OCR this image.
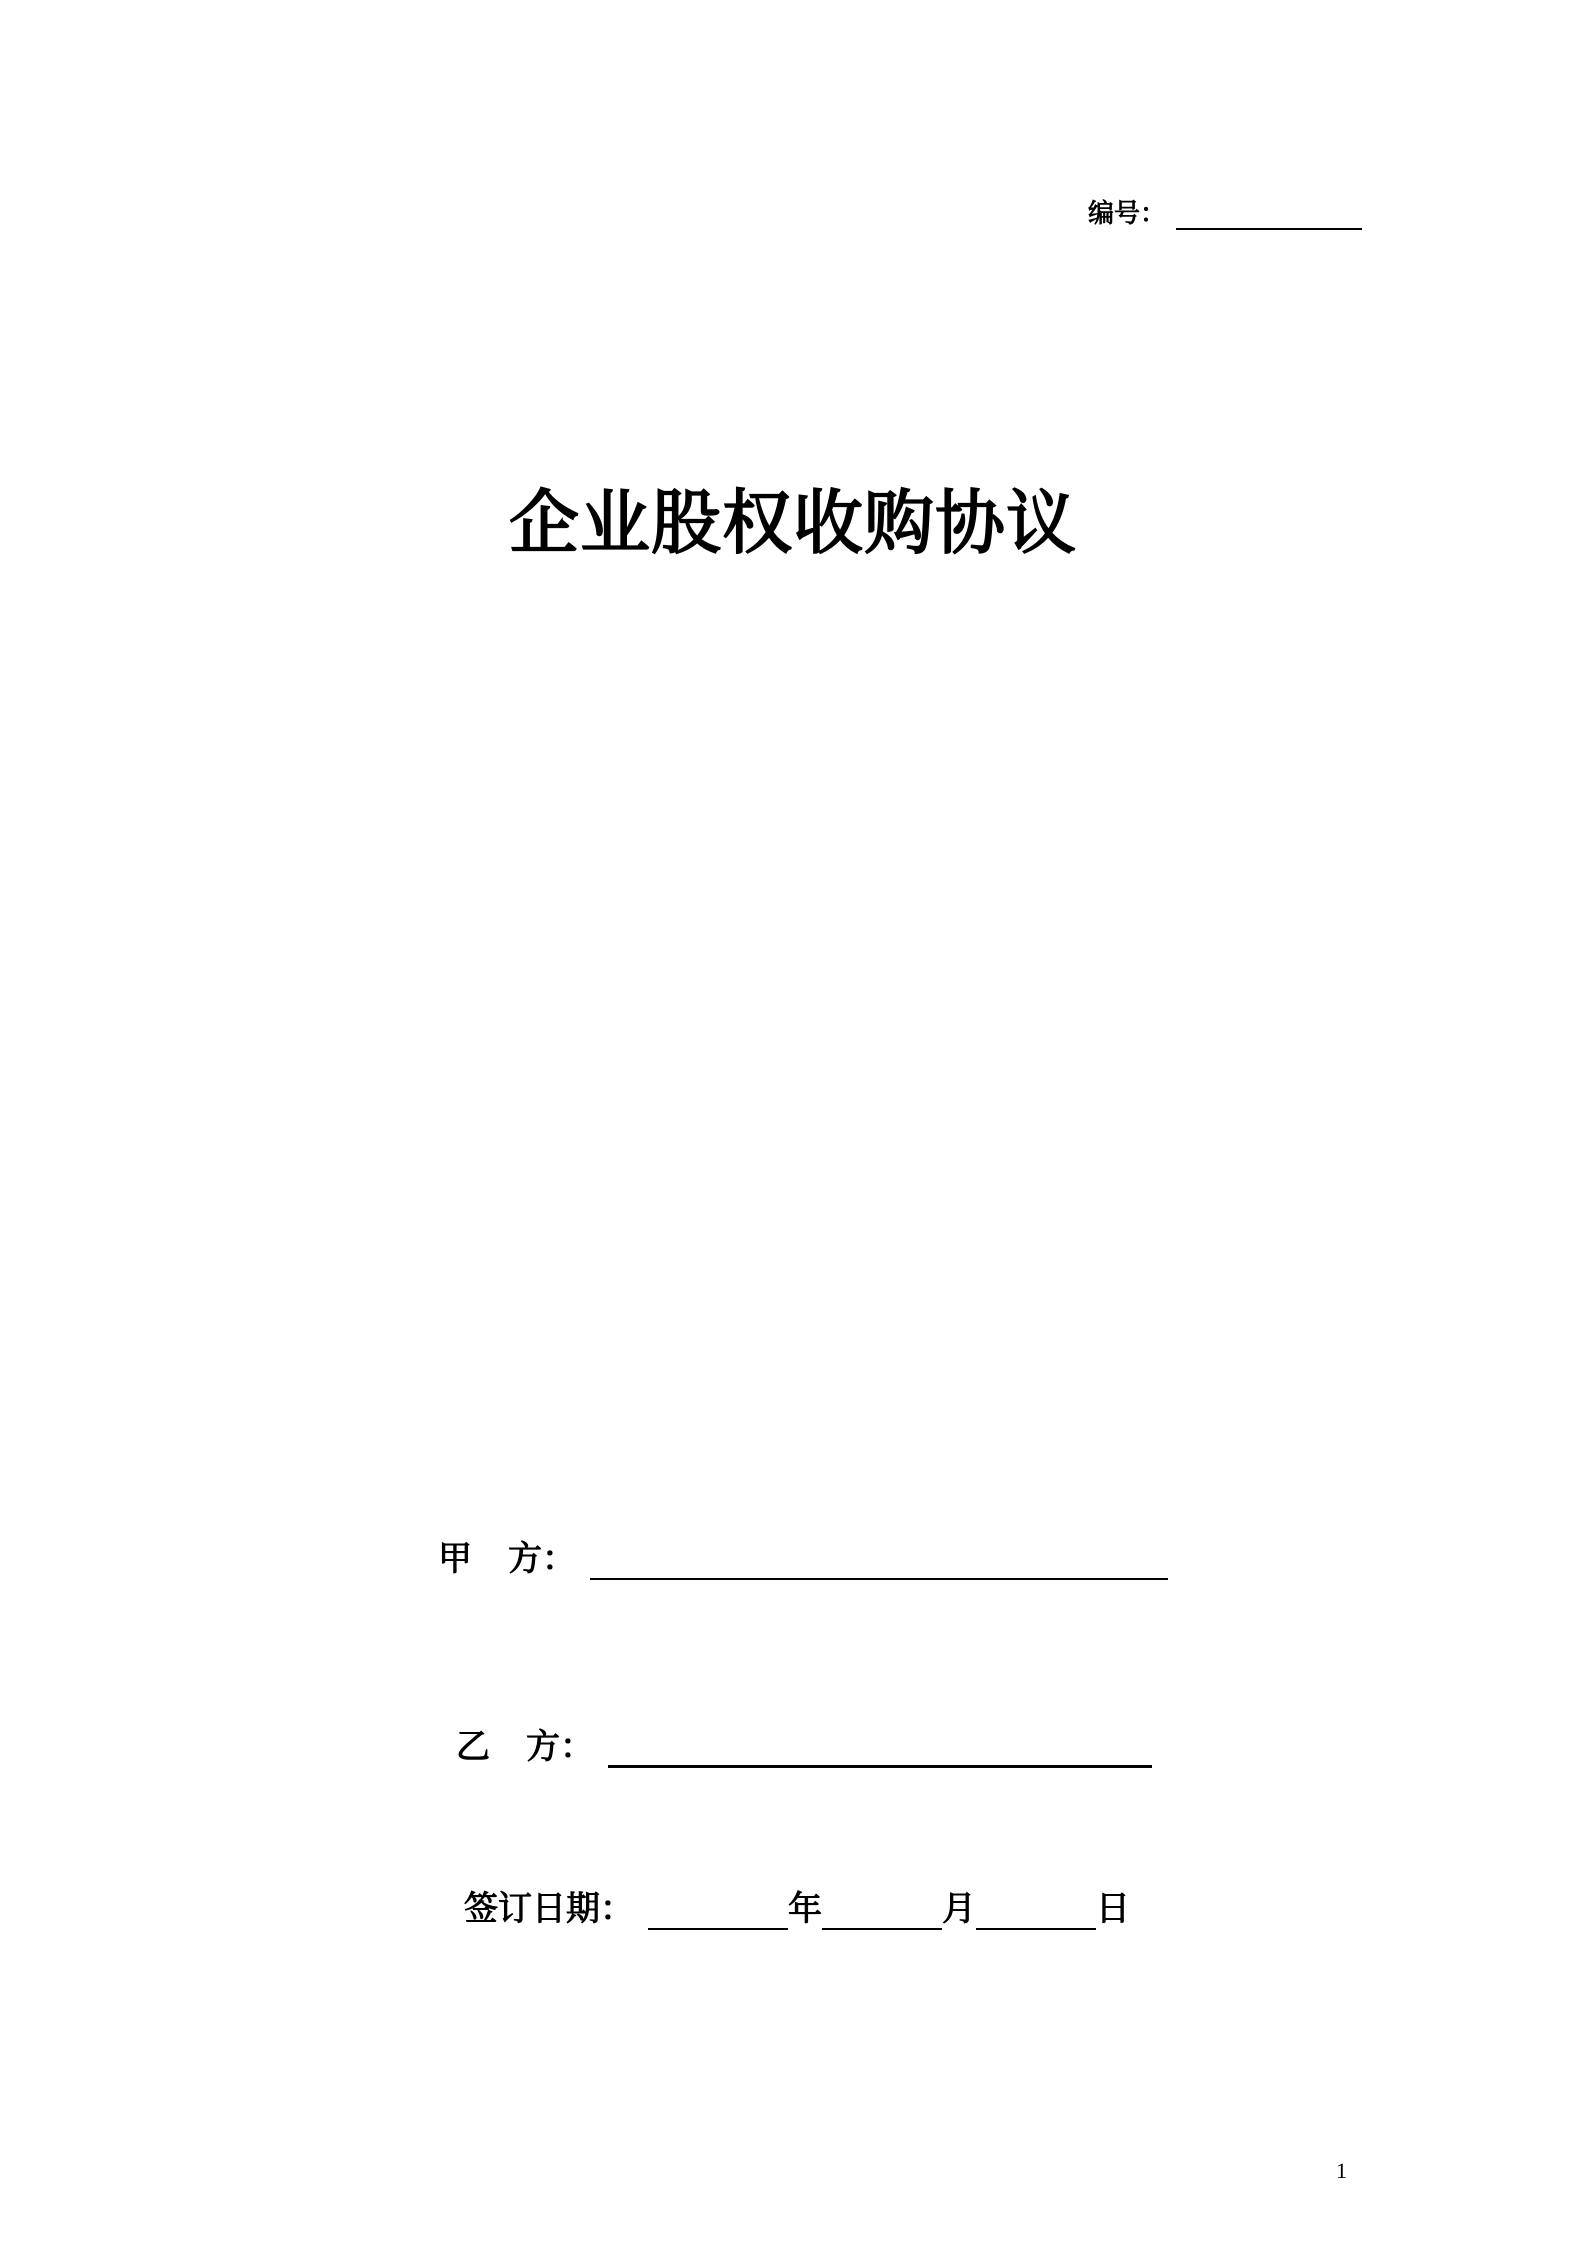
编号：
企业股权收购协议
甲 方：
乙 方：
签订日期：	年	月	日
1
